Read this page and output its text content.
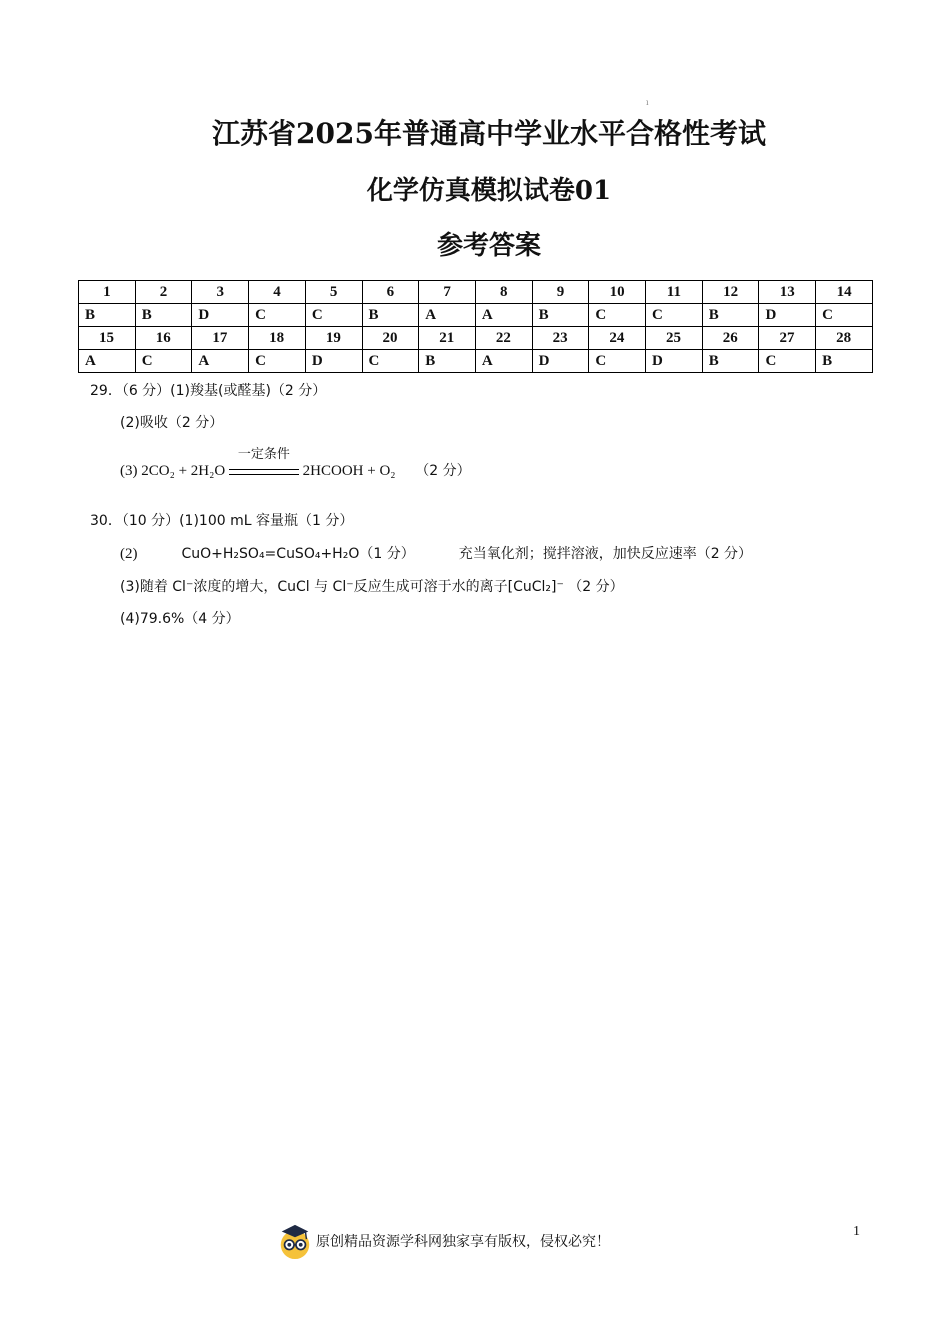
ı
江苏省2025年普通高中学业水平合格性考试
化学仿真模拟试卷01
参考答案
1	2	3	4	5	6	7	8	9	10	11	12	13	14
B	B	D	C	C	B	A	A	B	C	C	B	D	C
15	16	17	18	19	20	21	22	23	24	25	26	27	28
A	C	A	C	D	C	B	A	D	C	D	B	C	B
29．（6 分）(1)羧基(或醛基)（2 分）
(2)吸收（2 分）
(3) 2CO₂ + 2H₂O
一定条件
2HCOOH + O₂ （2 分）
30．（10 分）(1)100 mL 容量瓶（1 分）
(2)	CuO+H₂SO₄=CuSO₄+H₂O（1 分）	充当氧化剂；搅拌溶液，加快反应速率（2 分）
(3)随着 Cl⁻浓度的增大，CuCl 与 Cl⁻反应生成可溶于水的离子[CuCl₂]⁻ （2 分）
(4)79.6%（4 分）
1
原创精品资源学科网独家享有版权，侵权必究！
